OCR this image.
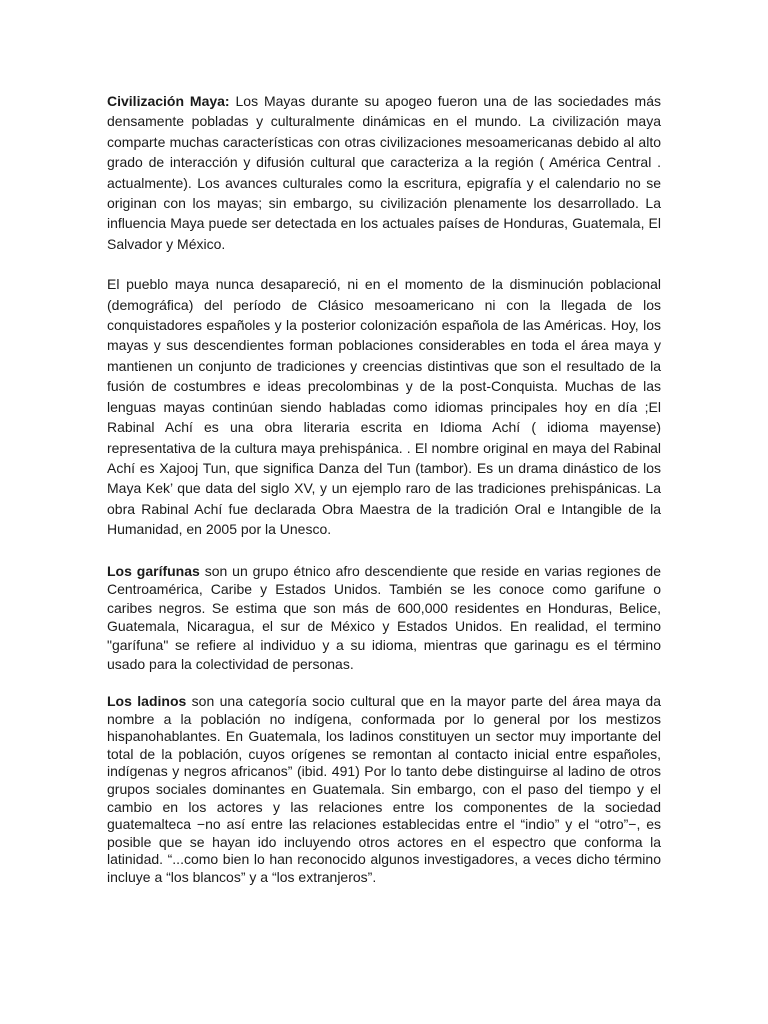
Civilización Maya: Los Mayas durante su apogeo fueron una de las sociedades más densamente pobladas y culturalmente dinámicas en el mundo. La civilización maya comparte muchas características con otras civilizaciones mesoamericanas debido al alto grado de interacción y difusión cultural que caracteriza a la región ( América Central . actualmente). Los avances culturales como la escritura, epigrafía y el calendario no se originan con los mayas; sin embargo, su civilización plenamente los desarrollado. La influencia Maya puede ser detectada en los actuales países de Honduras, Guatemala, El Salvador y México.

El pueblo maya nunca desapareció, ni en el momento de la disminución poblacional (demográfica) del período de Clásico mesoamericano ni con la llegada de los conquistadores españoles y la posterior colonización española de las Américas. Hoy, los mayas y sus descendientes forman poblaciones considerables en toda el área maya y mantienen un conjunto de tradiciones y creencias distintivas que son el resultado de la fusión de costumbres e ideas precolombinas y de la post-Conquista. Muchas de las lenguas mayas continúan siendo habladas como idiomas principales hoy en día ;El Rabinal Achí es una obra literaria escrita en Idioma Achí ( idioma mayense) representativa de la cultura maya prehispánica. . El nombre original en maya del Rabinal Achí es Xajooj Tun, que significa Danza del Tun (tambor). Es un drama dinástico de los Maya Kek’ que data del siglo XV, y un ejemplo raro de las tradiciones prehispánicas. La obra Rabinal Achí fue declarada Obra Maestra de la tradición Oral e Intangible de la Humanidad, en 2005 por la Unesco.

Los garífunas son un grupo étnico afro descendiente que reside en varias regiones de Centroamérica, Caribe y Estados Unidos. También se les conoce como garifune o caribes negros. Se estima que son más de 600,000 residentes en Honduras, Belice, Guatemala, Nicaragua, el sur de México y Estados Unidos. En realidad, el termino "garífuna" se refiere al individuo y a su idioma, mientras que garinagu es el término usado para la colectividad de personas.

Los ladinos son una categoría socio cultural que en la mayor parte del área maya da nombre a la población no indígena, conformada por lo general por los mestizos hispanohablantes. En Guatemala, los ladinos constituyen un sector muy importante del total de la población, cuyos orígenes se remontan al contacto inicial entre españoles, indígenas y negros africanos” (ibid. 491) Por lo tanto debe distinguirse al ladino de otros grupos sociales dominantes en Guatemala. Sin embargo, con el paso del tiempo y el cambio en los actores y las relaciones entre los componentes de la sociedad guatemalteca −no así entre las relaciones establecidas entre el “indio” y el “otro”−, es posible que se hayan ido incluyendo otros actores en el espectro que conforma la latinidad. “...como bien lo han reconocido algunos investigadores, a veces dicho término incluye a “los blancos” y a “los extranjeros”.
